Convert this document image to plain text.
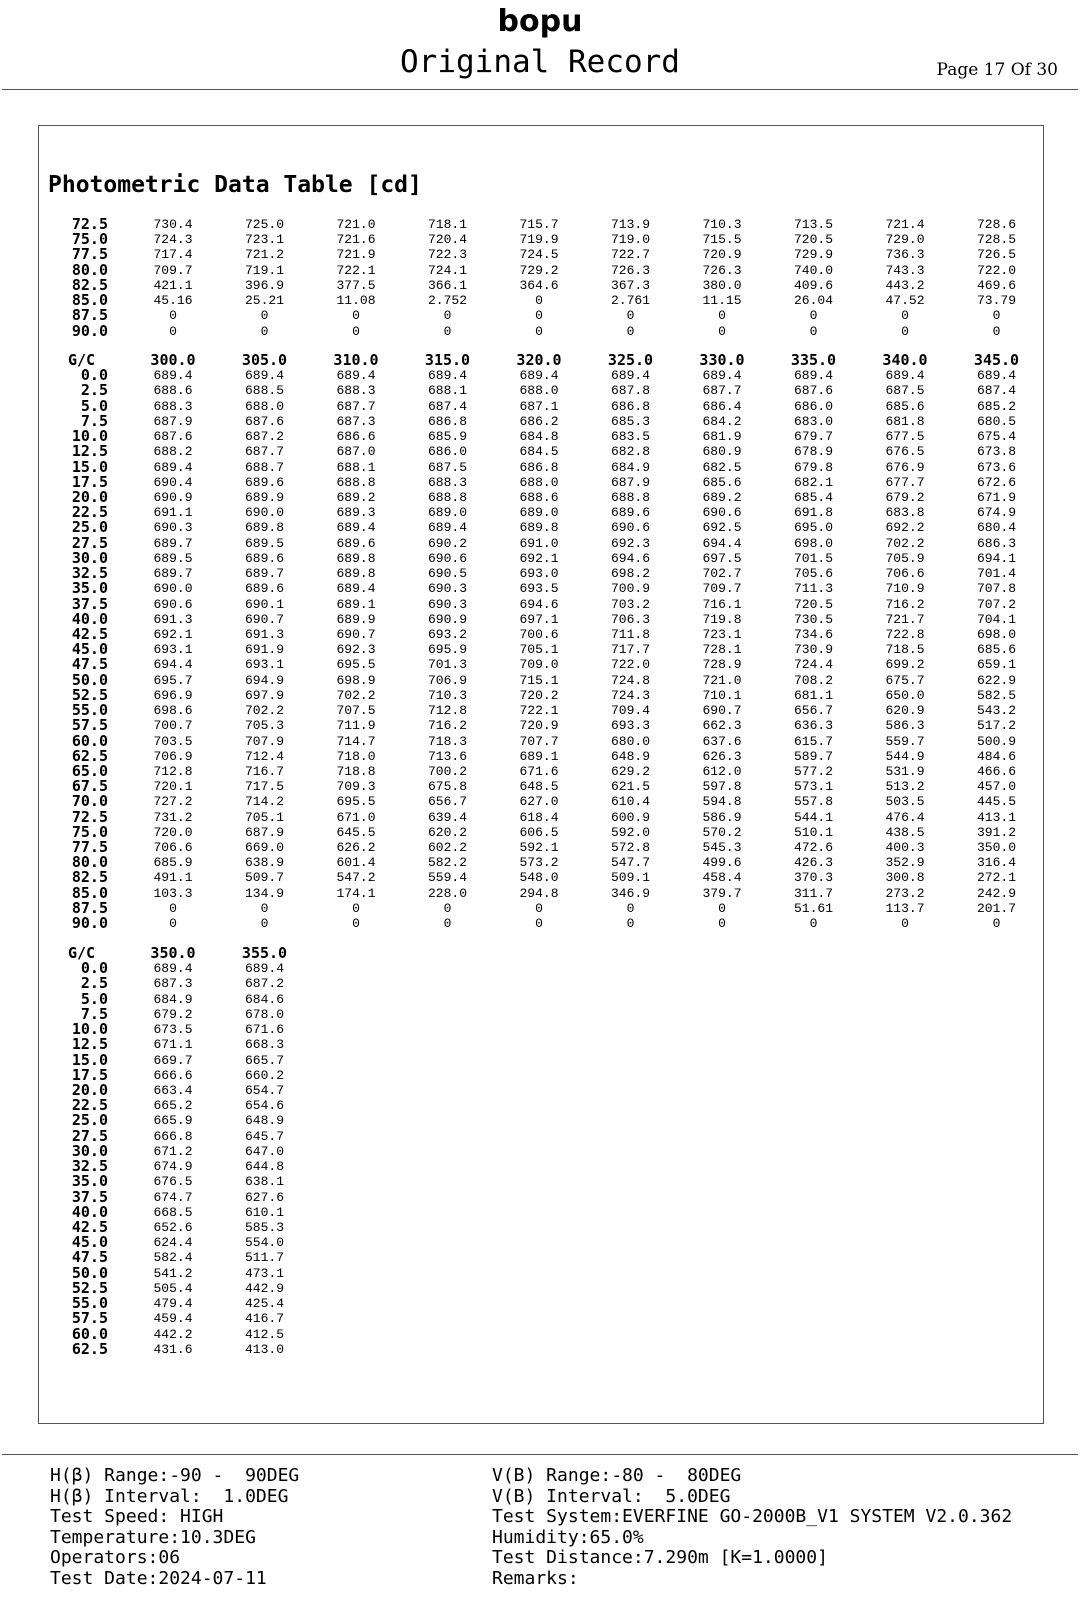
bopu
Original Record	Page 17 Of 30
Photometric Data Table [cd]
72.5	730.4	725.0	721.0	718.1	715.7	713.9	710.3	713.5	721.4	728.6
75.0	724.3	723.1	721.6	720.4	719.9	719.0	715.5	720.5	729.0	728.5
77.5	717.4	721.2	721.9	722.3	724.5	722.7	720.9	729.9	736.3	726.5
80.0	709.7	719.1	722.1	724.1	729.2	726.3	726.3	740.0	743.3	722.0
82.5	421.1	396.9	377.5	366.1	364.6	367.3	380.0	409.6	443.2	469.6
85.0	45.16	25.21	11.08	2.752	0	2.761	11.15	26.04	47.52	73.79
87.5	0	0	0	0	0	0	0	0	0	0
90.0	0	0	0	0	0	0	0	0	0	0
G/C	300.0	305.0	310.0	315.0	320.0	325.0	330.0	335.0	340.0	345.0
0.0	689.4	689.4	689.4	689.4	689.4	689.4	689.4	689.4	689.4	689.4
2.5	688.6	688.5	688.3	688.1	688.0	687.8	687.7	687.6	687.5	687.4
5.0	688.3	688.0	687.7	687.4	687.1	686.8	686.4	686.0	685.6	685.2
7.5	687.9	687.6	687.3	686.8	686.2	685.3	684.2	683.0	681.8	680.5
10.0	687.6	687.2	686.6	685.9	684.8	683.5	681.9	679.7	677.5	675.4
12.5	688.2	687.7	687.0	686.0	684.5	682.8	680.9	678.9	676.5	673.8
15.0	689.4	688.7	688.1	687.5	686.8	684.9	682.5	679.8	676.9	673.6
17.5	690.4	689.6	688.8	688.3	688.0	687.9	685.6	682.1	677.7	672.6
20.0	690.9	689.9	689.2	688.8	688.6	688.8	689.2	685.4	679.2	671.9
22.5	691.1	690.0	689.3	689.0	689.0	689.6	690.6	691.8	683.8	674.9
25.0	690.3	689.8	689.4	689.4	689.8	690.6	692.5	695.0	692.2	680.4
27.5	689.7	689.5	689.6	690.2	691.0	692.3	694.4	698.0	702.2	686.3
30.0	689.5	689.6	689.8	690.6	692.1	694.6	697.5	701.5	705.9	694.1
32.5	689.7	689.7	689.8	690.5	693.0	698.2	702.7	705.6	706.6	701.4
35.0	690.0	689.6	689.4	690.3	693.5	700.9	709.7	711.3	710.9	707.8
37.5	690.6	690.1	689.1	690.3	694.6	703.2	716.1	720.5	716.2	707.2
40.0	691.3	690.7	689.9	690.9	697.1	706.3	719.8	730.5	721.7	704.1
42.5	692.1	691.3	690.7	693.2	700.6	711.8	723.1	734.6	722.8	698.0
45.0	693.1	691.9	692.3	695.9	705.1	717.7	728.1	730.9	718.5	685.6
47.5	694.4	693.1	695.5	701.3	709.0	722.0	728.9	724.4	699.2	659.1
50.0	695.7	694.9	698.9	706.9	715.1	724.8	721.0	708.2	675.7	622.9
52.5	696.9	697.9	702.2	710.3	720.2	724.3	710.1	681.1	650.0	582.5
55.0	698.6	702.2	707.5	712.8	722.1	709.4	690.7	656.7	620.9	543.2
57.5	700.7	705.3	711.9	716.2	720.9	693.3	662.3	636.3	586.3	517.2
60.0	703.5	707.9	714.7	718.3	707.7	680.0	637.6	615.7	559.7	500.9
62.5	706.9	712.4	718.0	713.6	689.1	648.9	626.3	589.7	544.9	484.6
65.0	712.8	716.7	718.8	700.2	671.6	629.2	612.0	577.2	531.9	466.6
67.5	720.1	717.5	709.3	675.8	648.5	621.5	597.8	573.1	513.2	457.0
70.0	727.2	714.2	695.5	656.7	627.0	610.4	594.8	557.8	503.5	445.5
72.5	731.2	705.1	671.0	639.4	618.4	600.9	586.9	544.1	476.4	413.1
75.0	720.0	687.9	645.5	620.2	606.5	592.0	570.2	510.1	438.5	391.2
77.5	706.6	669.0	626.2	602.2	592.1	572.8	545.3	472.6	400.3	350.0
80.0	685.9	638.9	601.4	582.2	573.2	547.7	499.6	426.3	352.9	316.4
82.5	491.1	509.7	547.2	559.4	548.0	509.1	458.4	370.3	300.8	272.1
85.0	103.3	134.9	174.1	228.0	294.8	346.9	379.7	311.7	273.2	242.9
87.5	0	0	0	0	0	0	0	51.61	113.7	201.7
90.0	0	0	0	0	0	0	0	0	0	0
G/C	350.0	355.0
0.0	689.4	689.4
2.5	687.3	687.2
5.0	684.9	684.6
7.5	679.2	678.0
10.0	673.5	671.6
12.5	671.1	668.3
15.0	669.7	665.7
17.5	666.6	660.2
20.0	663.4	654.7
22.5	665.2	654.6
25.0	665.9	648.9
27.5	666.8	645.7
30.0	671.2	647.0
32.5	674.9	644.8
35.0	676.5	638.1
37.5	674.7	627.6
40.0	668.5	610.1
42.5	652.6	585.3
45.0	624.4	554.0
47.5	582.4	511.7
50.0	541.2	473.1
52.5	505.4	442.9
55.0	479.4	425.4
57.5	459.4	416.7
60.0	442.2	412.5
62.5	431.6	413.0
H(β) Range:-90 -  90DEG
H(β) Interval:  1.0DEG
Test Speed: HIGH
Temperature:10.3DEG
Operators:06
Test Date:2024-07-11
V(B) Range:-80 -  80DEG
V(B) Interval:  5.0DEG
Test System:EVERFINE GO-2000B_V1 SYSTEM V2.0.362
Humidity:65.0%
Test Distance:7.290m [K=1.0000]
Remarks:
